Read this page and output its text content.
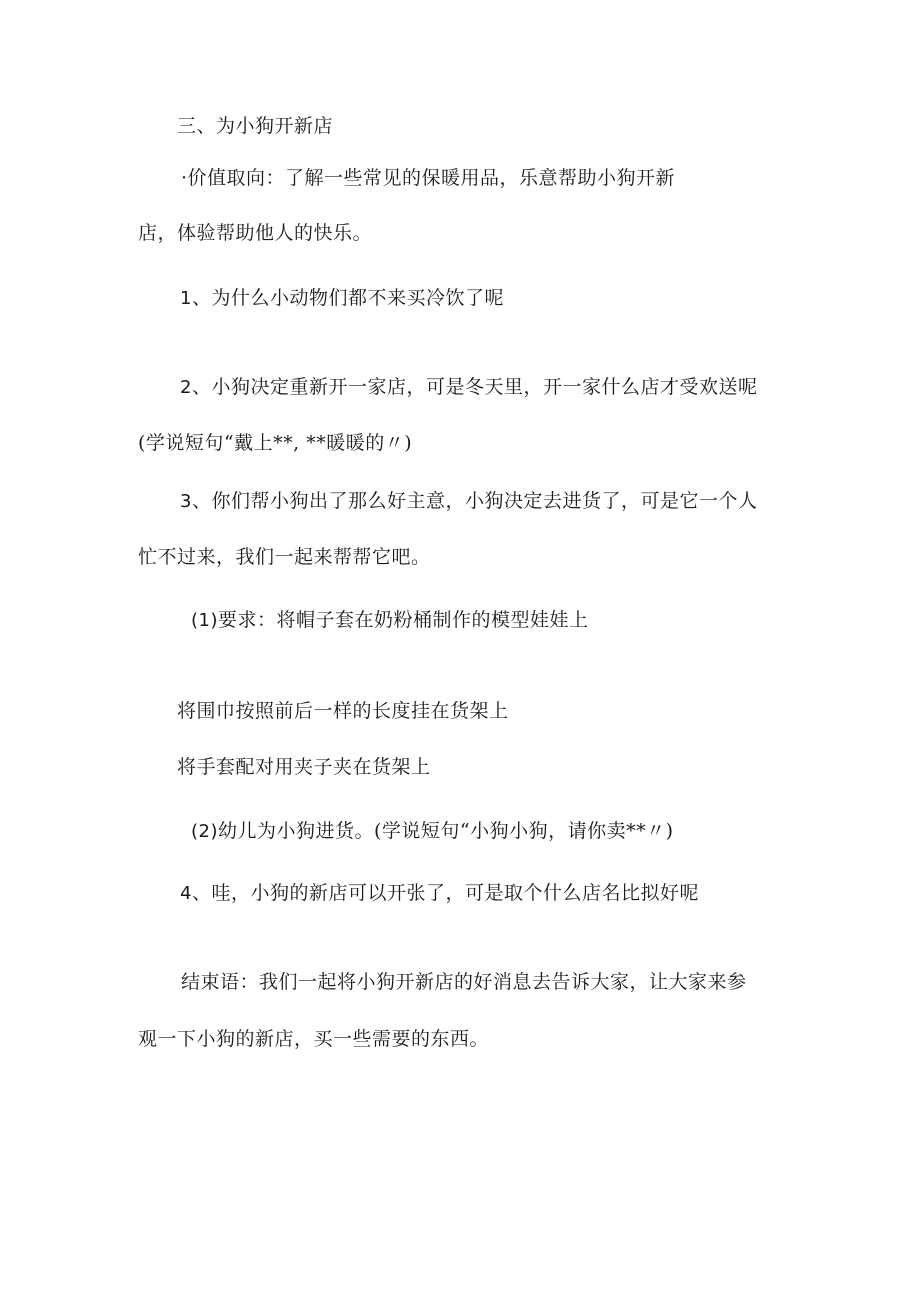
三、为小狗开新店
·价值取向：了解一些常见的保暖用品，乐意帮助小狗开新
店，体验帮助他人的快乐。
1、为什么小动物们都不来买冷饮了呢
2、小狗决定重新开一家店，可是冬天里，开一家什么店才受欢送呢
(学说短句“戴上**, **暖暖的〃)
3、你们帮小狗出了那么好主意，小狗决定去进货了，可是它一个人
忙不过来，我们一起来帮帮它吧。
(1)要求：将帽子套在奶粉桶制作的模型娃娃上
将围巾按照前后一样的长度挂在货架上
将手套配对用夹子夹在货架上
(2)幼儿为小狗进货。(学说短句“小狗小狗，请你卖**〃)
4、哇，小狗的新店可以开张了，可是取个什么店名比拟好呢
结束语：我们一起将小狗开新店的好消息去告诉大家，让大家来参
观一下小狗的新店，买一些需要的东西。
